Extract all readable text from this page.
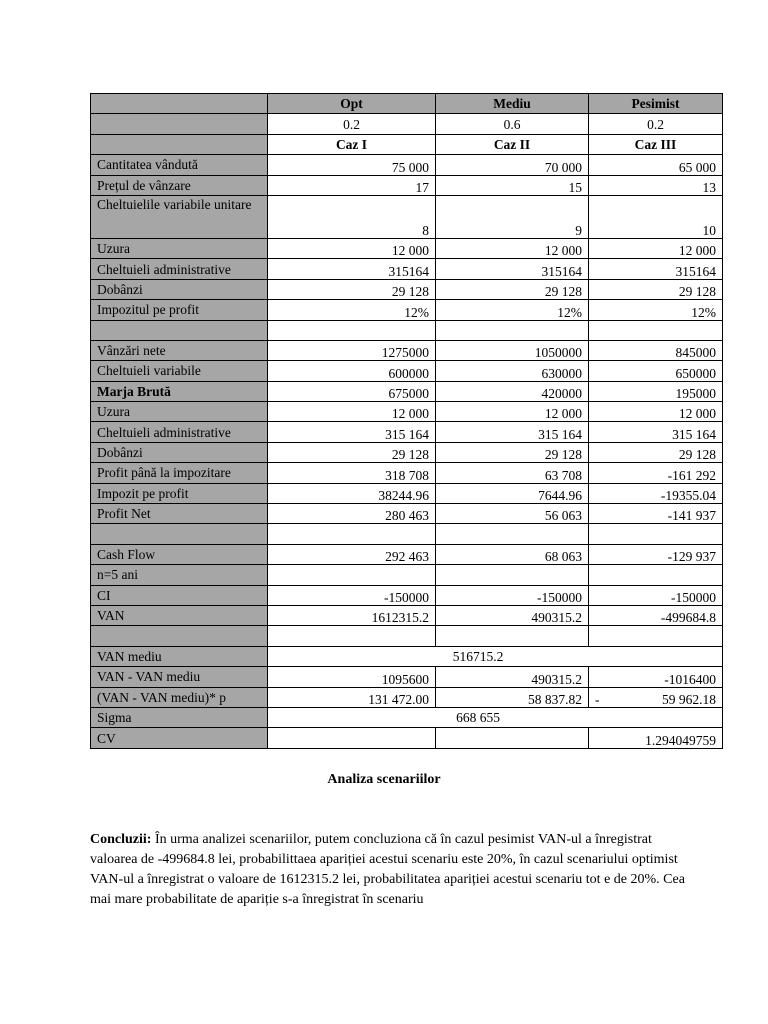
	Opt	Mediu	Pesimist
	0.2	0.6	0.2
	Caz I	Caz II	Caz III
Cantitatea vândută	75 000	70 000	65 000
Prețul de vânzare	17	15	13
Cheltuielile variabile unitare	8	9	10
Uzura	12 000	12 000	12 000
Cheltuieli administrative	315164	315164	315164
Dobânzi	29 128	29 128	29 128
Impozitul pe profit	12%	12%	12%

Vânzări nete	1275000	1050000	845000
Cheltuieli variabile	600000	630000	650000
Marja Brută	675000	420000	195000
Uzura	12 000	12 000	12 000
Cheltuieli administrative	315 164	315 164	315 164
Dobânzi	29 128	29 128	29 128
Profit până la impozitare	318 708	63 708	-161 292
Impozit pe profit	38244.96	7644.96	-19355.04
Profit Net	280 463	56 063	-141 937

Cash Flow	292 463	68 063	-129 937
n=5 ani			
CI	-150000	-150000	-150000
VAN	1612315.2	490315.2	-499684.8

VAN mediu	516715.2		
VAN - VAN mediu	1095600	490315.2	-1016400
(VAN - VAN mediu)* p	131 472.00	58 837.82	- 59 962.18
Sigma	668 655		
CV			1.294049759
Analiza scenariilor

Concluzii: În urma analizei scenariilor, putem concluziona că în cazul pesimist VAN-ul a înregistrat valoarea de -499684.8 lei, probabilittaea apariției acestui scenariu este 20%, în cazul scenariului optimist VAN-ul a înregistrat o valoare de 1612315.2 lei, probabilitatea apariției acestui scenariu tot e de 20%. Cea mai mare probabilitate de apariție s-a înregistrat în scenariu
